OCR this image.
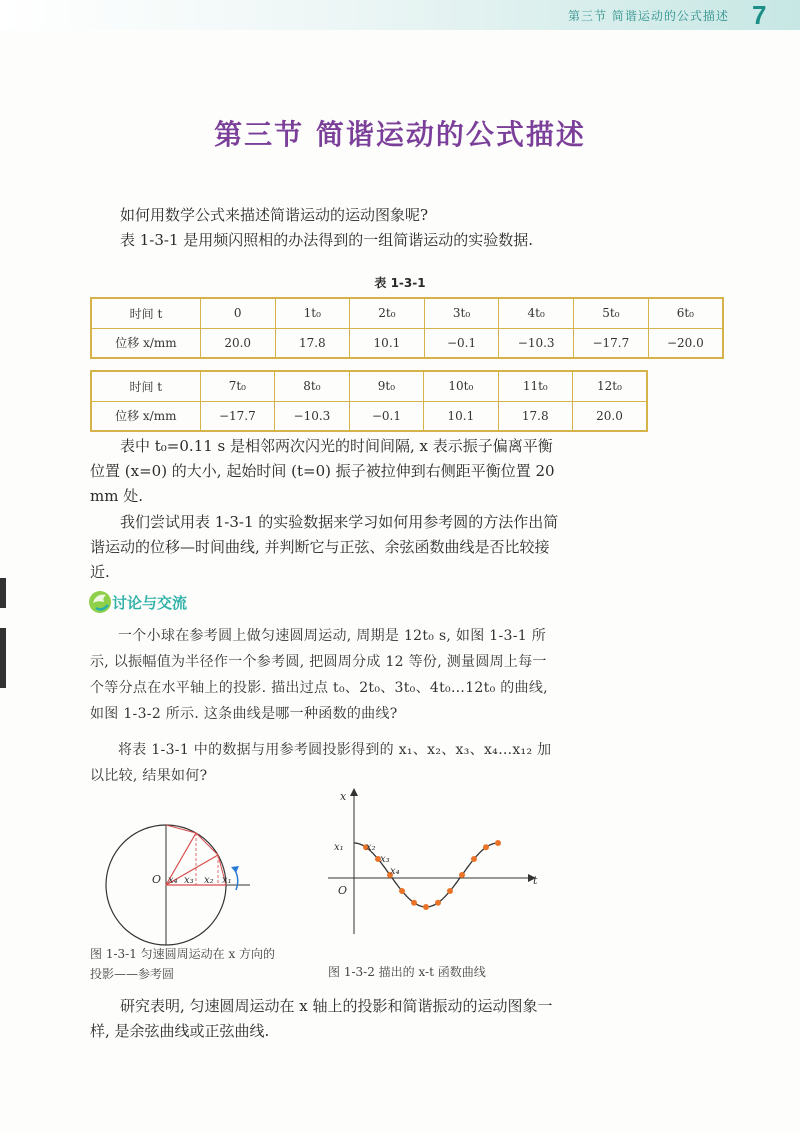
第三节 简谐运动的公式描述 7
第三节 简谐运动的公式描述
如何用数学公式来描述简谐运动的运动图象呢?
表 1-3-1 是用频闪照相的办法得到的一组简谐运动的实验数据.
表 1-3-1
时间 t	0	1t₀	2t₀	3t₀	4t₀	5t₀	6t₀
位移 x/mm	20.0	17.8	10.1	−0.1	−10.3	−17.7	−20.0
时间 t	7t₀	8t₀	9t₀	10t₀	11t₀	12t₀
位移 x/mm	−17.7	−10.3	−0.1	10.1	17.8	20.0
表中 t₀=0.11 s 是相邻两次闪光的时间间隔, x 表示振子偏离平衡位置 (x=0) 的大小, 起始时间 (t=0) 振子被拉伸到右侧距平衡位置 20 mm 处.
我们尝试用表 1-3-1 的实验数据来学习如何用参考圆的方法作出简谐运动的位移—时间曲线, 并判断它与正弦、余弦函数曲线是否比较接近.
讨论与交流
一个小球在参考圆上做匀速圆周运动, 周期是 12t₀ s, 如图 1-3-1 所示, 以振幅值为半径作一个参考圆, 把圆周分成 12 等份, 测量圆周上每一个等分点在水平轴上的投影. 描出过点 t₀、2t₀、3t₀、4t₀…12t₀ 的曲线, 如图 1-3-2 所示. 这条曲线是哪一种函数的曲线?
将表 1-3-1 中的数据与用参考圆投影得到的 x₁、x₂、x₃、x₄…x₁₂ 加以比较, 结果如何?
O x₄ x₃ x₂ x₁
图 1-3-1 匀速圆周运动在 x 方向的投影——参考圆
x
t
O
x₁ x₂
x₃
x₄
图 1-3-2 描出的 x-t 函数曲线
研究表明, 匀速圆周运动在 x 轴上的投影和简谐振动的运动图象一样, 是余弦曲线或正弦曲线.
